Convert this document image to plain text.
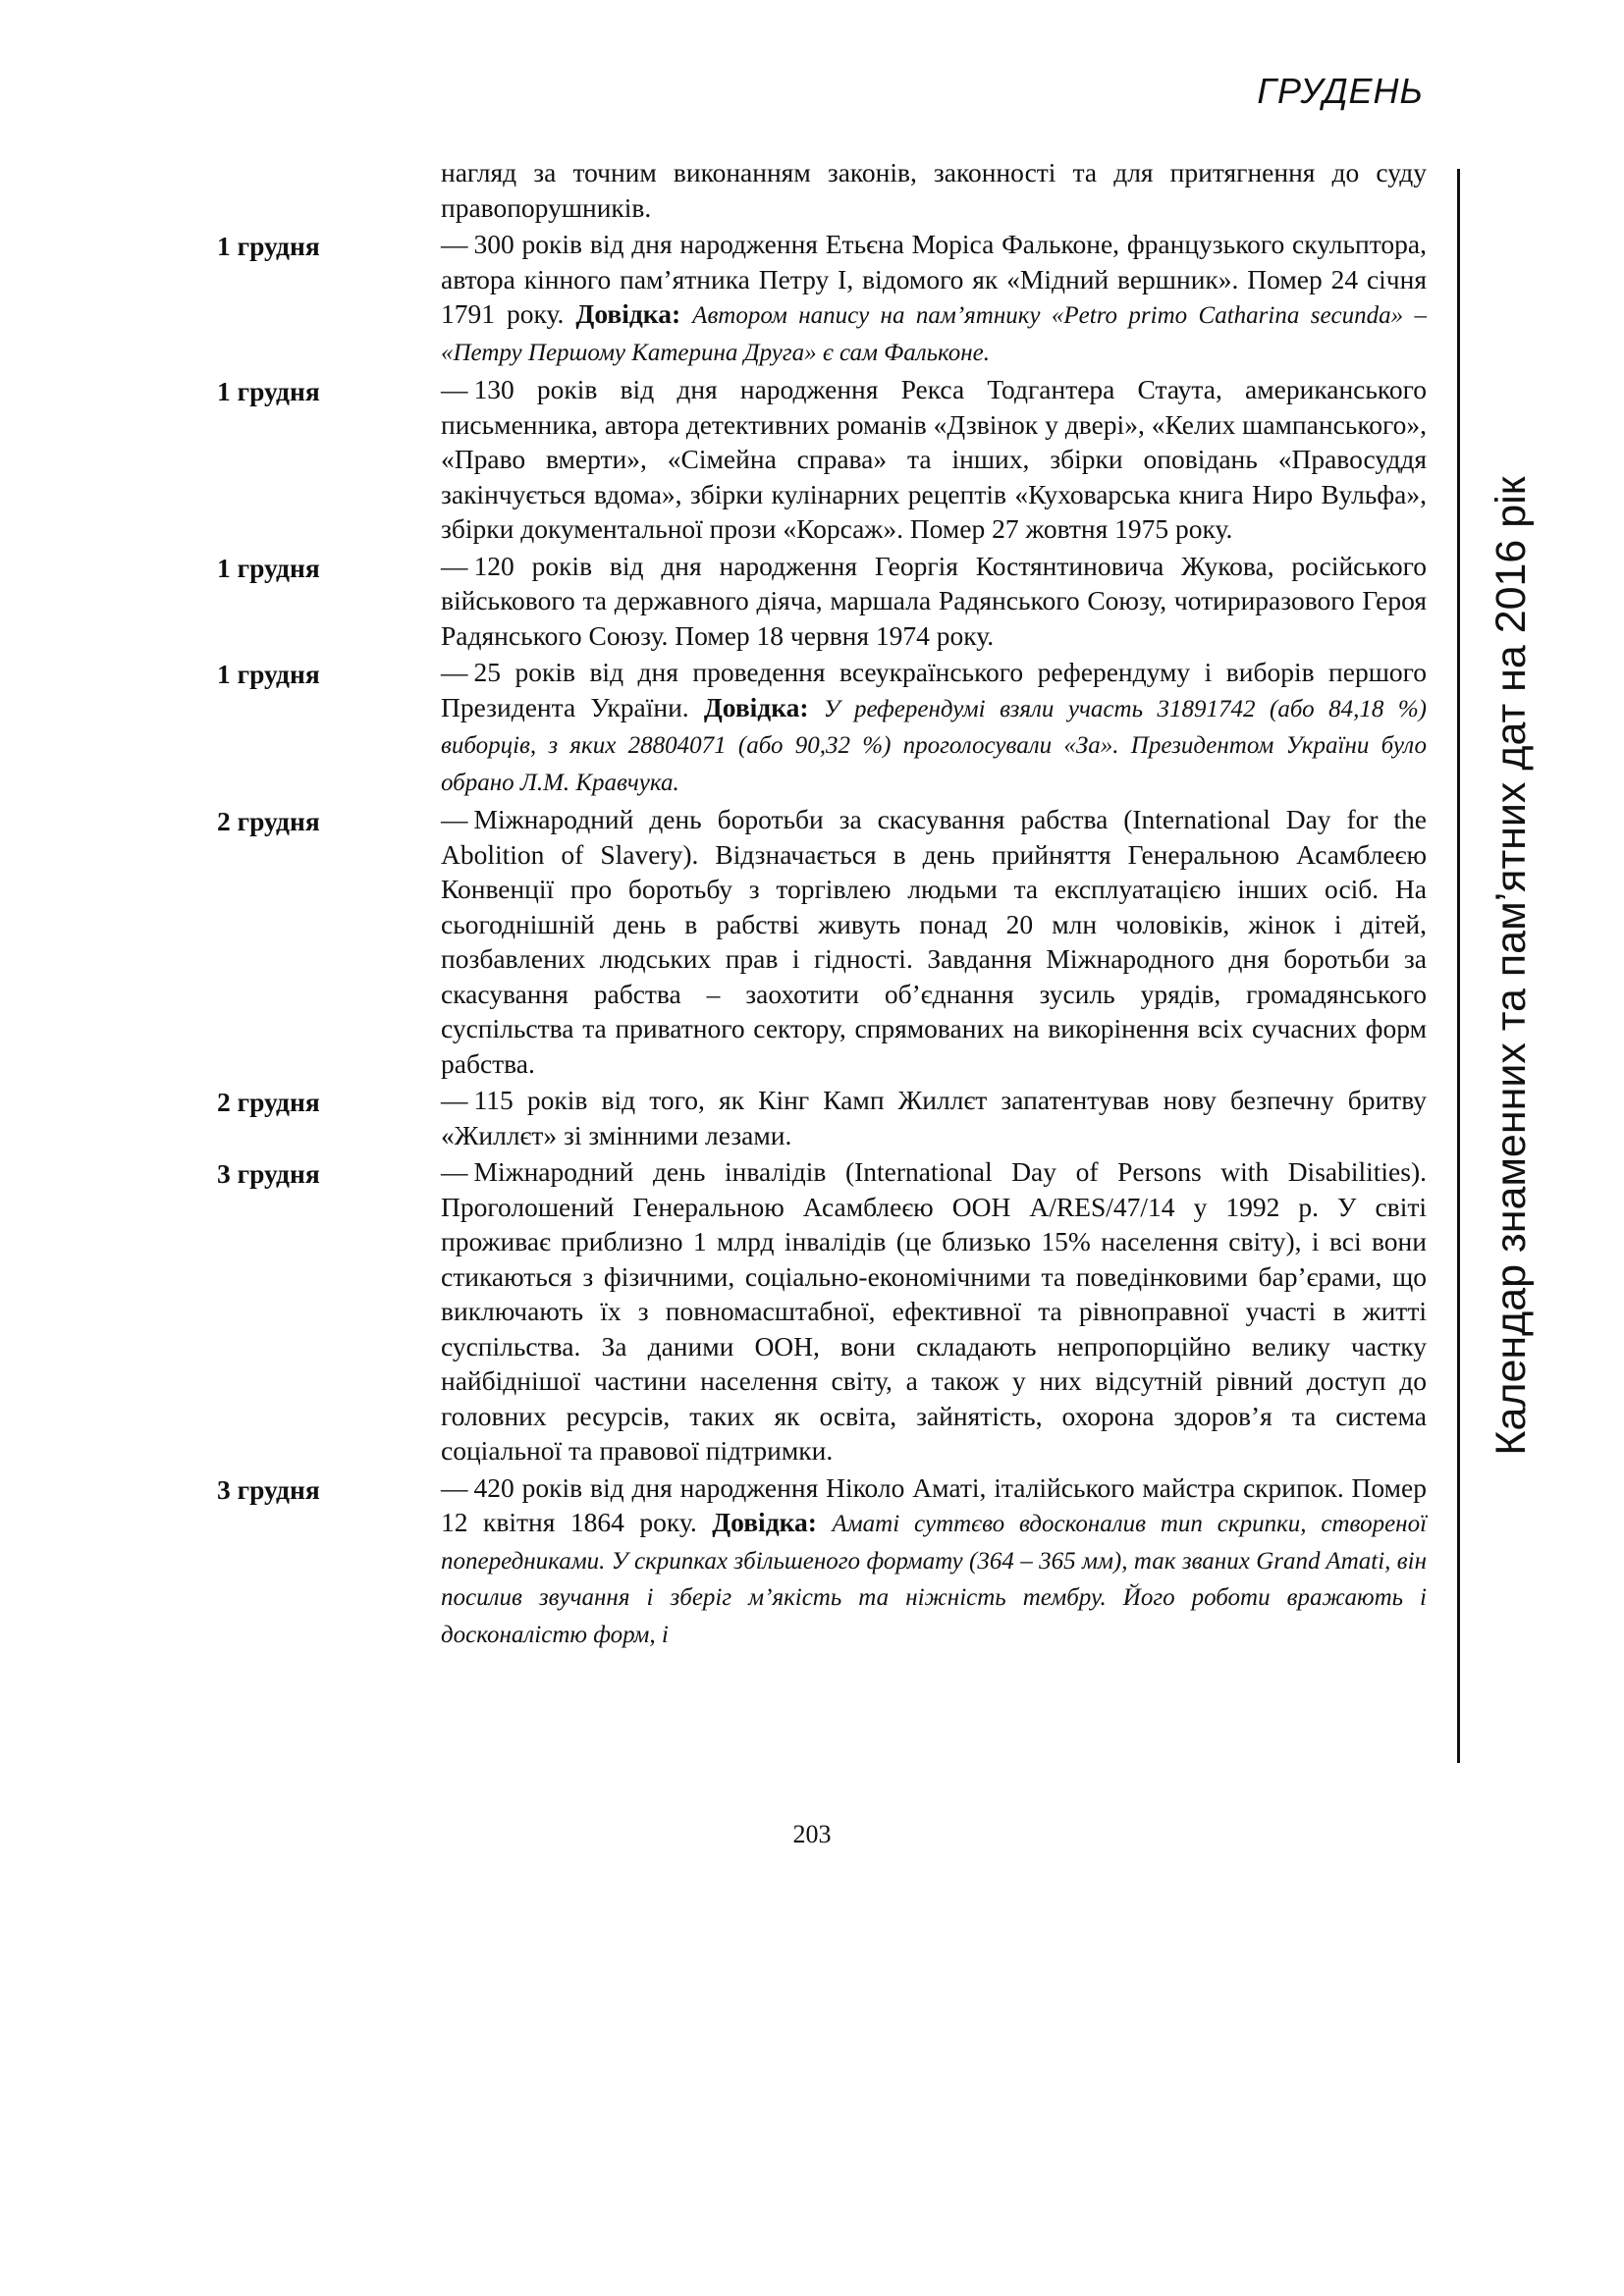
ГРУДЕНЬ
Календар знаменних та пам’ятних дат на 2016 рік
нагляд за точним виконанням законів, законності та для притягнення до суду правопорушників.
1 грудня	— 300 років від дня народження Етьєна Моріса Фальконе, французького скульптора, автора кінного пам’ятника Петру І, відомого як «Мідний вершник». Помер 24 січня 1791 року. Довідка: Автором напису на пам’ятнику «Petro primo Catharina secunda» – «Петру Першому Катерина Друга» є сам Фальконе.
1 грудня	— 130 років від дня народження Рекса Тодгантера Стаута, американського письменника, автора детективних романів «Дзвінок у двері», «Келих шампанського», «Право вмерти», «Сімейна справа» та інших, збірки оповідань «Правосуддя закінчується вдома», збірки кулінарних рецептів «Куховарська книга Ниро Вульфа», збірки документальної прози «Корсаж». Помер 27 жовтня 1975 року.
1 грудня	— 120 років від дня народження Георгія Костянтиновича Жукова, російського військового та державного діяча, маршала Радянського Союзу, чотириразового Героя Радянського Союзу. Помер 18 червня 1974 року.
1 грудня	— 25 років від дня проведення всеукраїнського референдуму і виборів першого Президента України. Довідка: У референдумі взяли участь 31891742 (або 84,18 %) виборців, з яких 28804071 (або 90,32 %) проголосували «За». Президентом України було обрано Л.М. Кравчука.
2 грудня	— Міжнародний день боротьби за скасування рабства (International Day for the Abolition of Slavery). Відзначається в день прийняття Генеральною Асамблеєю Конвенції про боротьбу з торгівлею людьми та експлуатацією інших осіб. На сьогоднішній день в рабстві живуть понад 20 млн чоловіків, жінок і дітей, позбавлених людських прав і гідності. Завдання Міжнародного дня боротьби за скасування рабства – заохотити об’єднання зусиль урядів, громадянського суспільства та приватного сектору, спрямованих на викорінення всіх сучасних форм рабства.
2 грудня	— 115 років від того, як Кінг Камп Жиллєт запатентував нову безпечну бритву «Жиллєт» зі змінними лезами.
3 грудня	— Міжнародний день інвалідів (International Day of Persons with Disabilities). Проголошений Генеральною Асамблеєю ООН A/RES/47/14 у 1992 р. У світі проживає приблизно 1 млрд інвалідів (це близько 15% населення світу), і всі вони стикаються з фізичними, соціально-економічними та поведінковими бар’єрами, що виключають їх з повномасштабної, ефективної та рівноправної участі в житті суспільства. За даними ООН, вони складають непропорційно велику частку найбіднішої частини населення світу, а також у них відсутній рівний доступ до головних ресурсів, таких як освіта, зайнятість, охорона здоров’я та система соціальної та правової підтримки.
3 грудня	— 420 років від дня народження Ніколо Аматі, італійського майстра скрипок. Помер 12 квітня 1864 року. Довідка: Аматі суттєво вдосконалив тип скрипки, створеної попередниками. У скрипках збільшеного формату (364 – 365 мм), так званих Grand Amati, він посилив звучання і зберіг м’якість та ніжність тембру. Його роботи вражають і досконалістю форм, і
203
